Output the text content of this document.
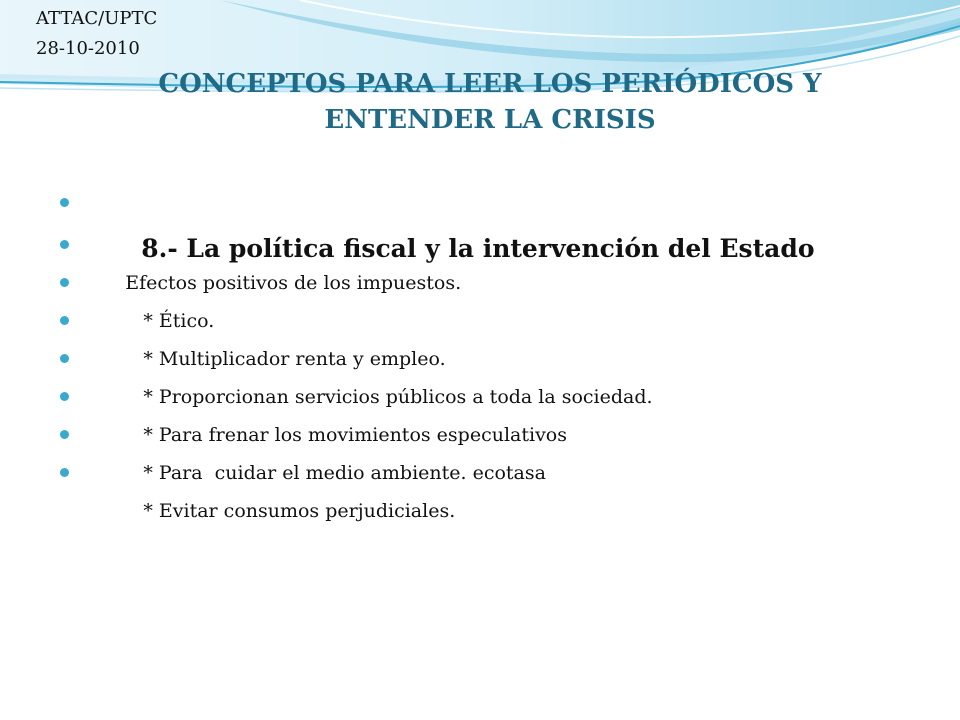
ATTAC/UPTC
28-10-2010
CONCEPTOS PARA LEER LOS PERIÓDICOS Y
ENTENDER LA CRISIS

8.- La política fiscal y la intervención del Estado

Efectos positivos de los impuestos.

* Ético.

* Multiplicador renta y empleo.

* Proporcionan servicios públicos a toda la sociedad.

* Para frenar los movimientos especulativos

* Para  cuidar el medio ambiente. ecotasa

* Evitar consumos perjudiciales.
